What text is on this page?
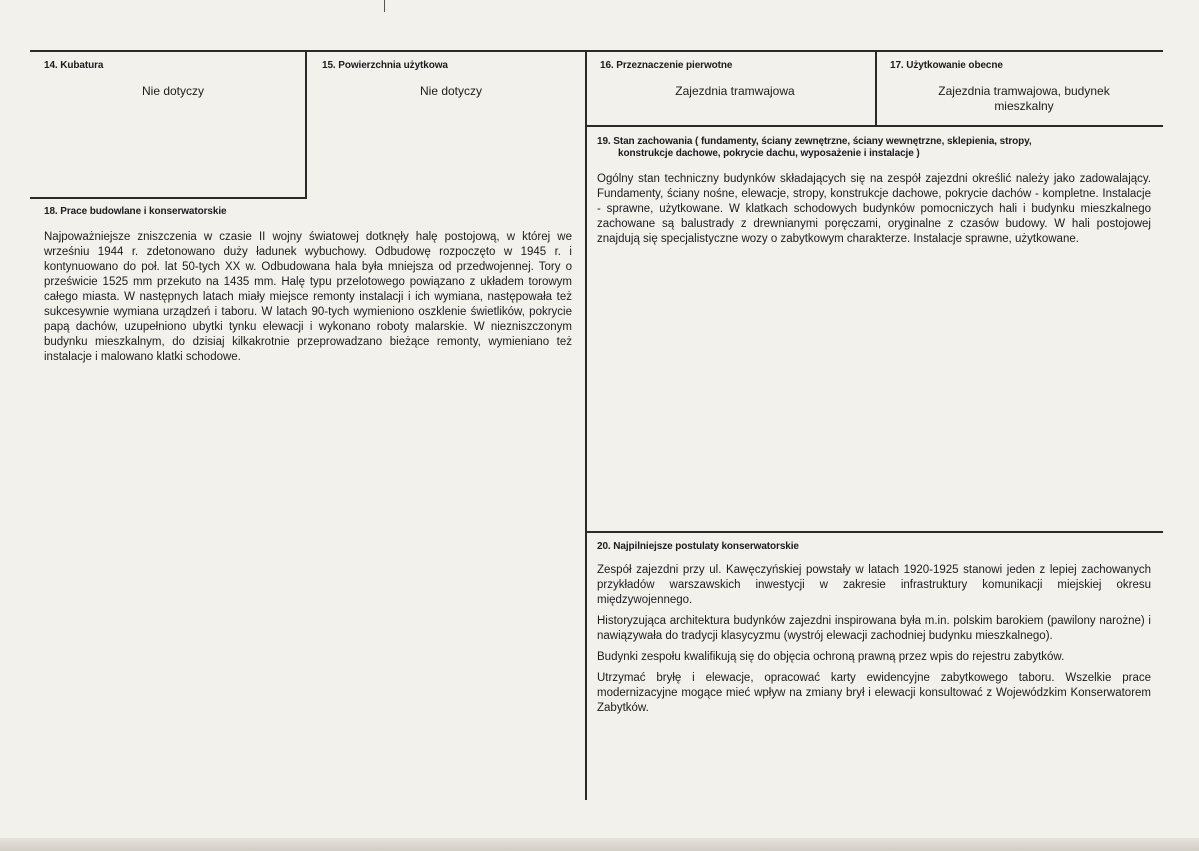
14. Kubatura
Nie dotyczy
15. Powierzchnia użytkowa
Nie dotyczy
16. Przeznaczenie pierwotne
Zajezdnia tramwajowa
17. Użytkowanie obecne
Zajezdnia tramwajowa, budynek mieszkalny
18. Prace budowlane i konserwatorskie

Najpoważniejsze zniszczenia w czasie II wojny światowej dotknęły halę postojową, w której we wrześniu 1944 r. zdetonowano duży ładunek wybuchowy. Odbudowę rozpoczęto w 1945 r. i kontynuowano do poł. lat 50-tych XX w. Odbudowana hala była mniejsza od przedwojennej. Tory o prześwicie 1525 mm przekuto na 1435 mm. Halę typu przelotowego powiązano z układem torowym całego miasta. W następnych latach miały miejsce remonty instalacji i ich wymiana, następowała też sukcesywnie wymiana urządzeń i taboru. W latach 90-tych wymieniono oszklenie świetlików, pokrycie papą dachów, uzupełniono ubytki tynku elewacji i wykonano roboty malarskie. W niezniszczonym budynku mieszkalnym, do dzisiaj kilkakrotnie przeprowadzano bieżące remonty, wymieniano też instalacje i malowano klatki schodowe.

19. Stan zachowania ( fundamenty, ściany zewnętrzne, ściany wewnętrzne, sklepienia, stropy,
konstrukcje dachowe, pokrycie dachu, wyposażenie i instalacje )

Ogólny stan techniczny budynków składających się na zespół zajezdni określić należy jako zadowalający. Fundamenty, ściany nośne, elewacje, stropy, konstrukcje dachowe, pokrycie dachów - kompletne. Instalacje - sprawne, użytkowane. W klatkach schodowych budynków pomocniczych hali i budynku mieszkalnego zachowane są balustrady z drewnianymi poręczami, oryginalne z czasów budowy. W hali postojowej znajdują się specjalistyczne wozy o zabytkowym charakterze. Instalacje sprawne, użytkowane.

20. Najpilniejsze postulaty konserwatorskie

Zespół zajezdni przy ul. Kawęczyńskiej powstały w latach 1920-1925 stanowi jeden z lepiej zachowanych przykładów warszawskich inwestycji w zakresie infrastruktury komunikacji miejskiej okresu międzywojennego.

Historyzująca architektura budynków zajezdni inspirowana była m.in. polskim barokiem (pawilony narożne) i nawiązywała do tradycji klasycyzmu (wystrój elewacji zachodniej budynku mieszkalnego).

Budynki zespołu kwalifikują się do objęcia ochroną prawną przez wpis do rejestru zabytków.

Utrzymać bryłę i elewacje, opracować karty ewidencyjne zabytkowego taboru. Wszelkie prace modernizacyjne mogące mieć wpływ na zmiany brył i elewacji konsultować z Wojewódzkim Konserwatorem Zabytków.
